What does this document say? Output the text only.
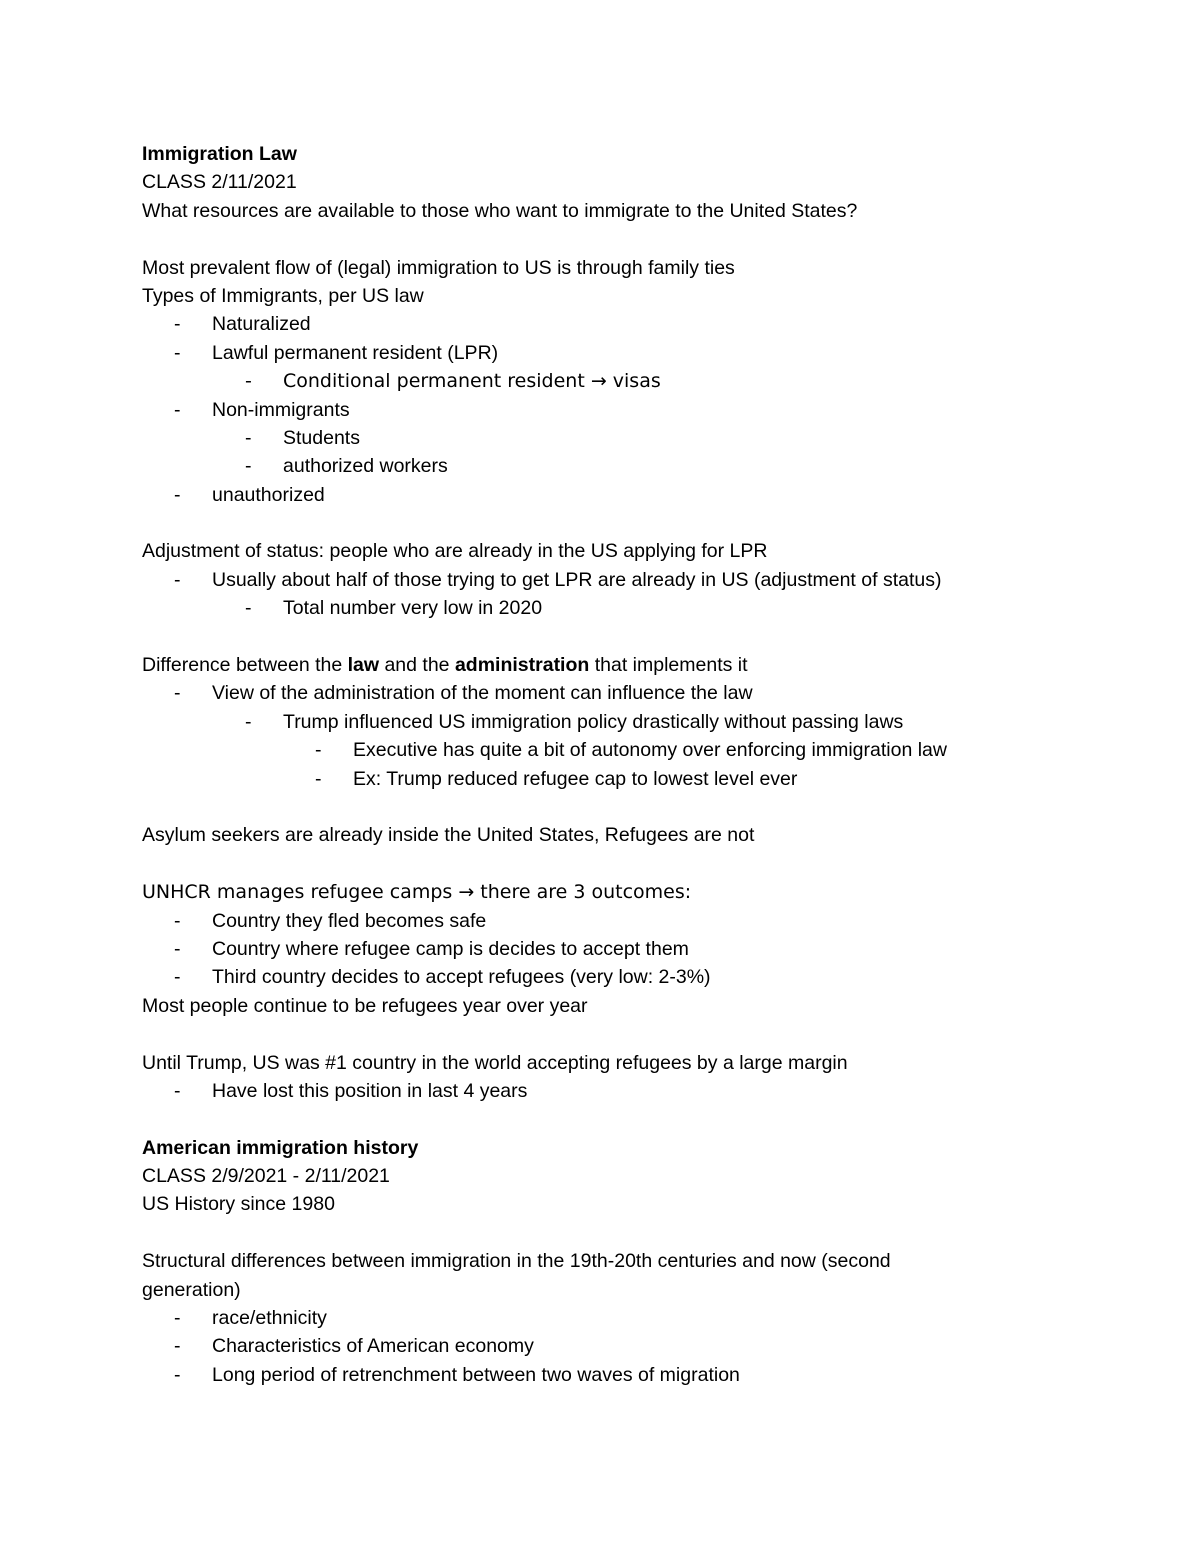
Immigration Law
CLASS 2/11/2021
What resources are available to those who want to immigrate to the United States?
Most prevalent flow of (legal) immigration to US is through family ties
Types of Immigrants, per US law
- Naturalized
- Lawful permanent resident (LPR)
- Conditional permanent resident → visas
- Non-immigrants
- Students
- authorized workers
- unauthorized
Adjustment of status: people who are already in the US applying for LPR
- Usually about half of those trying to get LPR are already in US (adjustment of status)
- Total number very low in 2020
Difference between the law and the administration that implements it
- View of the administration of the moment can influence the law
- Trump influenced US immigration policy drastically without passing laws
- Executive has quite a bit of autonomy over enforcing immigration law
- Ex: Trump reduced refugee cap to lowest level ever
Asylum seekers are already inside the United States, Refugees are not
UNHCR manages refugee camps → there are 3 outcomes:
- Country they fled becomes safe
- Country where refugee camp is decides to accept them
- Third country decides to accept refugees (very low: 2-3%)
Most people continue to be refugees year over year
Until Trump, US was #1 country in the world accepting refugees by a large margin
- Have lost this position in last 4 years
American immigration history
CLASS 2/9/2021 - 2/11/2021
US History since 1980
Structural differences between immigration in the 19th-20th centuries and now (second generation)
- race/ethnicity
- Characteristics of American economy
- Long period of retrenchment between two waves of migration
